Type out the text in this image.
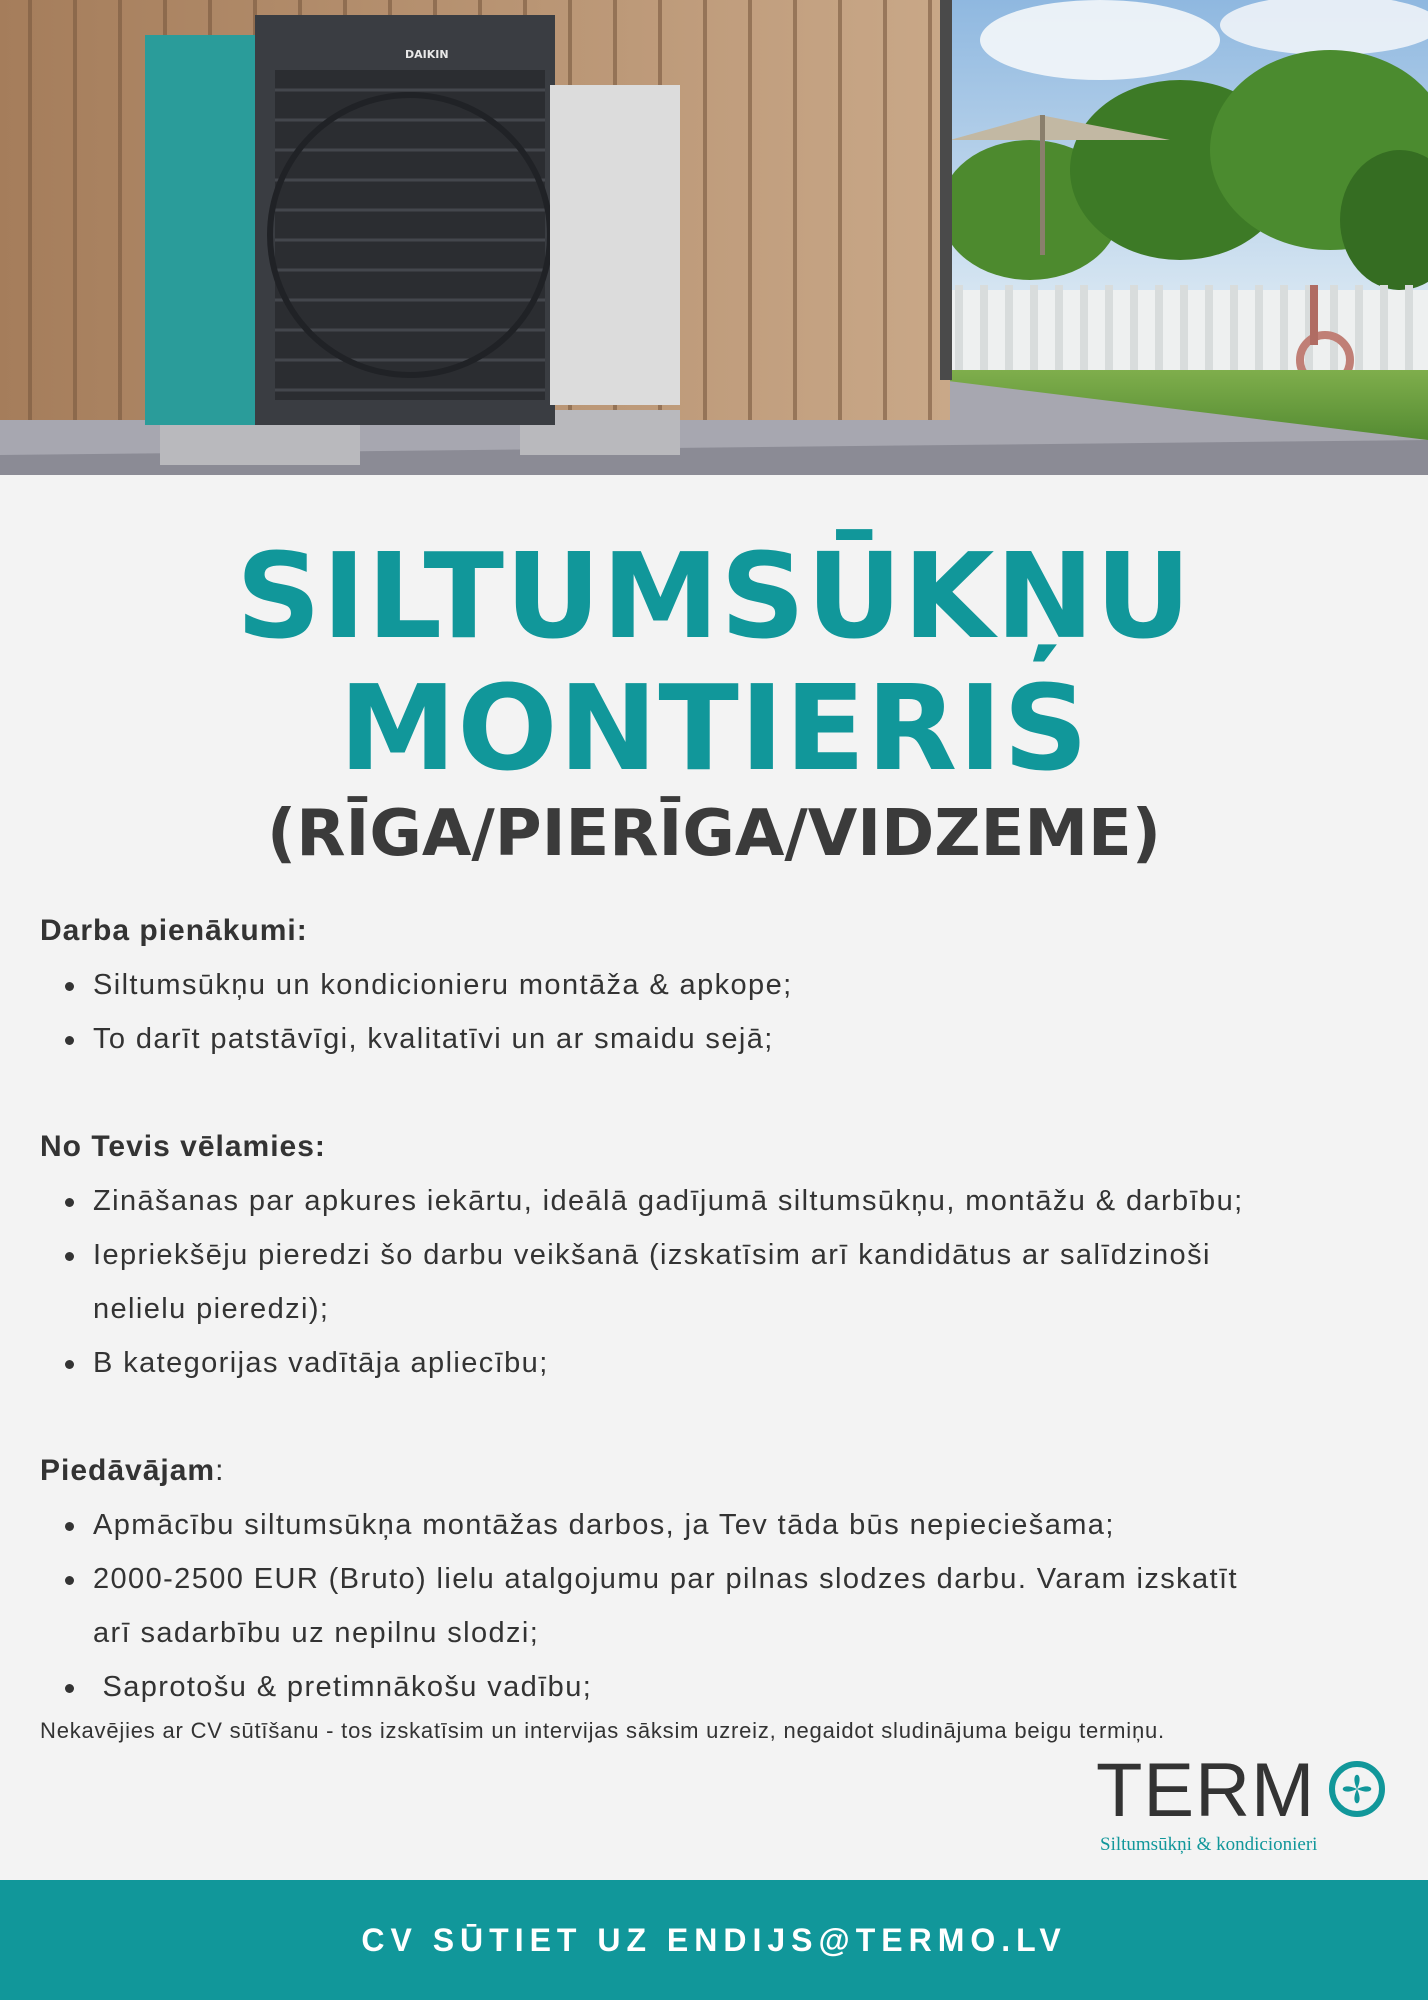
DAIKIN
SILTUMSŪKŅU
MONTIERIS
(RĪGA/PIERĪGA/VIDZEME)

Darba pienākumi:

Siltumsūkņu un kondicionieru montāža & apkope;
To darīt patstāvīgi, kvalitatīvi un ar smaidu sejā;

No Tevis vēlamies:

Zināšanas par apkures iekārtu, ideālā gadījumā siltumsūkņu, montāžu & darbību;
Iepriekšēju pieredzi šo darbu veikšanā (izskatīsim arī kandidātus ar salīdzinoši
nelielu pieredzi);
B kategorijas vadītāja apliecību;

Piedāvājam:

Apmācību siltumsūkņa montāžas darbos, ja Tev tāda būs nepieciešama;
2000-2500 EUR (Bruto) lielu atalgojumu par pilnas slodzes darbu. Varam izskatīt
arī sadarbību uz nepilnu slodzi;
Saprotošu & pretimnākošu vadību;
Nekavējies ar CV sūtīšanu - tos izskatīsim un intervijas sāksim uzreiz, negaidot sludinājuma beigu termiņu.
TERM
Siltumsūkņi & kondicionieri
CV SŪTIET UZ ENDIJS@TERMO.LV
